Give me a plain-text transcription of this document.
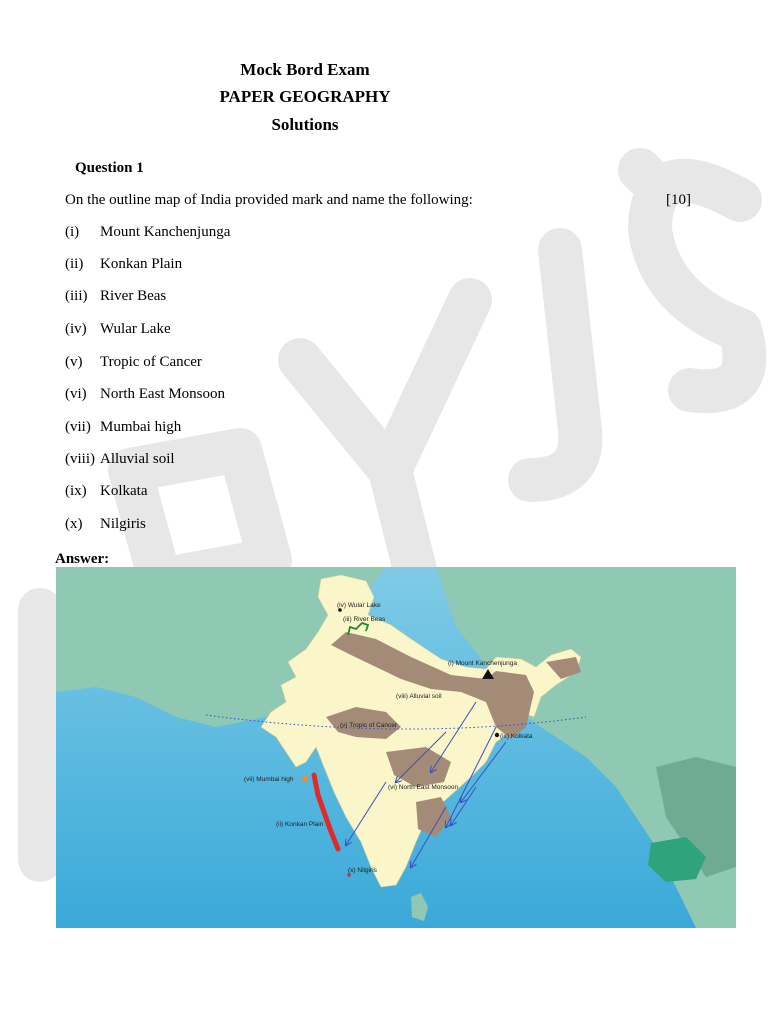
Mock Bord Exam
PAPER GEOGRAPHY
Solutions
Question 1
On the outline map of India provided mark and name the following:	[10]
(i) Mount Kanchenjunga
(ii) Konkan Plain
(iii) River Beas
(iv) Wular Lake
(v) Tropic of Cancer
(vi) North East Monsoon
(vii) Mumbai high
(viii) Alluvial soil
(ix) Kolkata
(x) Nilgiris
Answer:
(iv) Wular Lake
(iii) River Beas
(i) Mount Kanchenjunga
(viii) Alluvial soil
(v) Tropic of Cancer
(ix) Kolkata
(vii) Mumbai high
(vi) North East Monsoon
(ii) Konkan Plain
(x) Nilgiris
